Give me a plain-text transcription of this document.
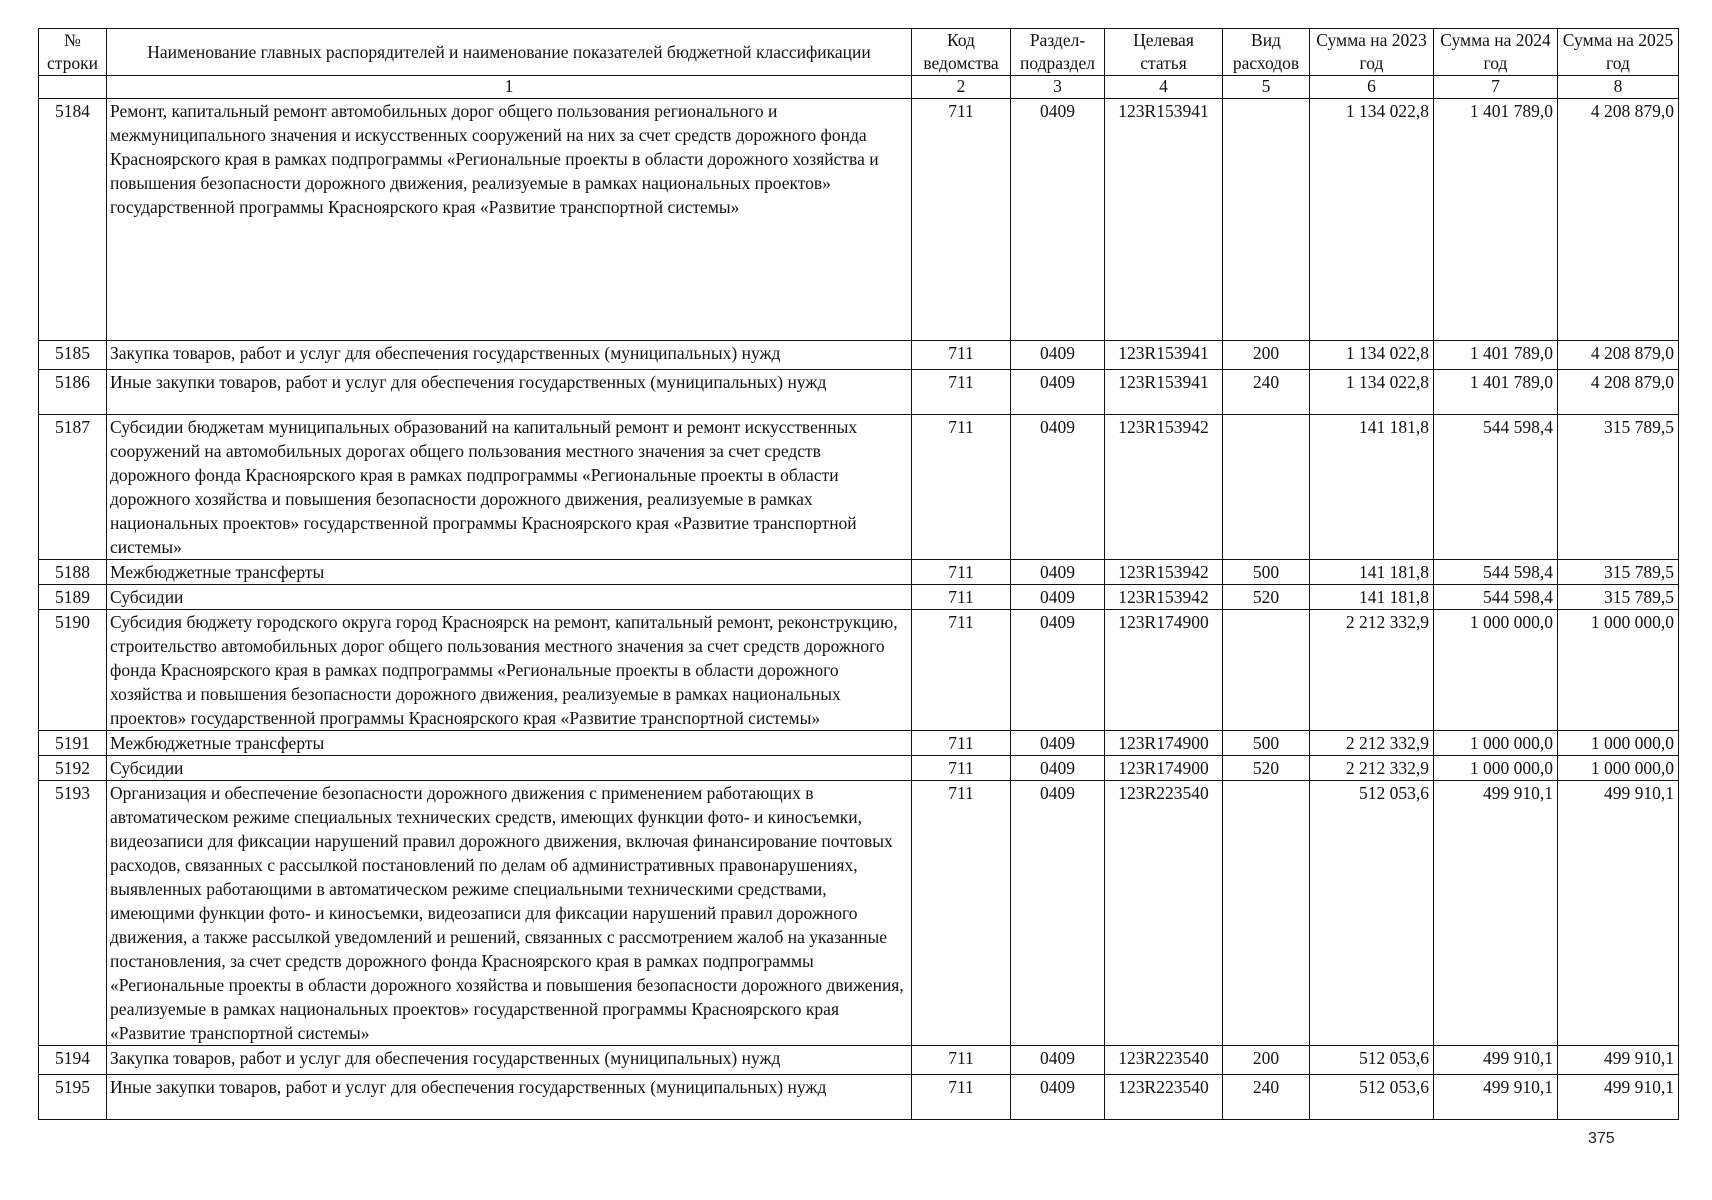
№ строки	Наименование главных распорядителей и наименование показателей бюджетной классификации	Код ведомства	Раздел-подраздел	Целевая статья	Вид расходов	Сумма на 2023 год	Сумма на 2024 год	Сумма на 2025 год
	1	2	3	4	5	6	7	8
5184	Ремонт, капитальный ремонт автомобильных дорог общего пользования регионального и межмуниципального значения и искусственных сооружений на них за счет средств дорожного фонда Красноярского края в рамках подпрограммы «Региональные проекты в области дорожного хозяйства и повышения безопасности дорожного движения, реализуемые в рамках национальных проектов» государственной программы Красноярского края «Развитие транспортной системы»	711	0409	123R153941		1 134 022,8	1 401 789,0	4 208 879,0
5185	Закупка товаров, работ и услуг для обеспечения государственных (муниципальных) нужд	711	0409	123R153941	200	1 134 022,8	1 401 789,0	4 208 879,0
5186	Иные закупки товаров, работ и услуг для обеспечения государственных (муниципальных) нужд	711	0409	123R153941	240	1 134 022,8	1 401 789,0	4 208 879,0
5187	Субсидии бюджетам муниципальных образований на капитальный ремонт и ремонт искусственных сооружений на автомобильных дорогах общего пользования местного значения за счет средств дорожного фонда Красноярского края в рамках подпрограммы «Региональные проекты в области дорожного хозяйства и повышения безопасности дорожного движения, реализуемые в рамках национальных проектов» государственной программы Красноярского края «Развитие транспортной системы»	711	0409	123R153942		141 181,8	544 598,4	315 789,5
5188	Межбюджетные трансферты	711	0409	123R153942	500	141 181,8	544 598,4	315 789,5
5189	Субсидии	711	0409	123R153942	520	141 181,8	544 598,4	315 789,5
5190	Субсидия бюджету городского округа город Красноярск на ремонт, капитальный ремонт, реконструкцию, строительство автомобильных дорог общего пользования местного значения за счет средств дорожного фонда Красноярского края в рамках подпрограммы «Региональные проекты в области дорожного хозяйства и повышения безопасности дорожного движения, реализуемые в рамках национальных проектов» государственной программы Красноярского края «Развитие транспортной системы»	711	0409	123R174900		2 212 332,9	1 000 000,0	1 000 000,0
5191	Межбюджетные трансферты	711	0409	123R174900	500	2 212 332,9	1 000 000,0	1 000 000,0
5192	Субсидии	711	0409	123R174900	520	2 212 332,9	1 000 000,0	1 000 000,0
5193	Организация и обеспечение безопасности дорожного движения с применением работающих в автоматическом режиме специальных технических средств, имеющих функции фото- и киносъемки, видеозаписи для фиксации нарушений правил дорожного движения, включая финансирование почтовых расходов, связанных с рассылкой постановлений по делам об административных правонарушениях, выявленных работающими в автоматическом режиме специальными техническими средствами, имеющими функции фото- и киносъемки, видеозаписи для фиксации нарушений правил дорожного движения, а также рассылкой уведомлений и решений, связанных с рассмотрением жалоб на указанные постановления, за счет средств дорожного фонда Красноярского края в рамках подпрограммы «Региональные проекты в области дорожного хозяйства и повышения безопасности дорожного движения, реализуемые в рамках национальных проектов» государственной программы Красноярского края «Развитие транспортной системы»	711	0409	123R223540		512 053,6	499 910,1	499 910,1
5194	Закупка товаров, работ и услуг для обеспечения государственных (муниципальных) нужд	711	0409	123R223540	200	512 053,6	499 910,1	499 910,1
5195	Иные закупки товаров, работ и услуг для обеспечения государственных (муниципальных) нужд	711	0409	123R223540	240	512 053,6	499 910,1	499 910,1
375
